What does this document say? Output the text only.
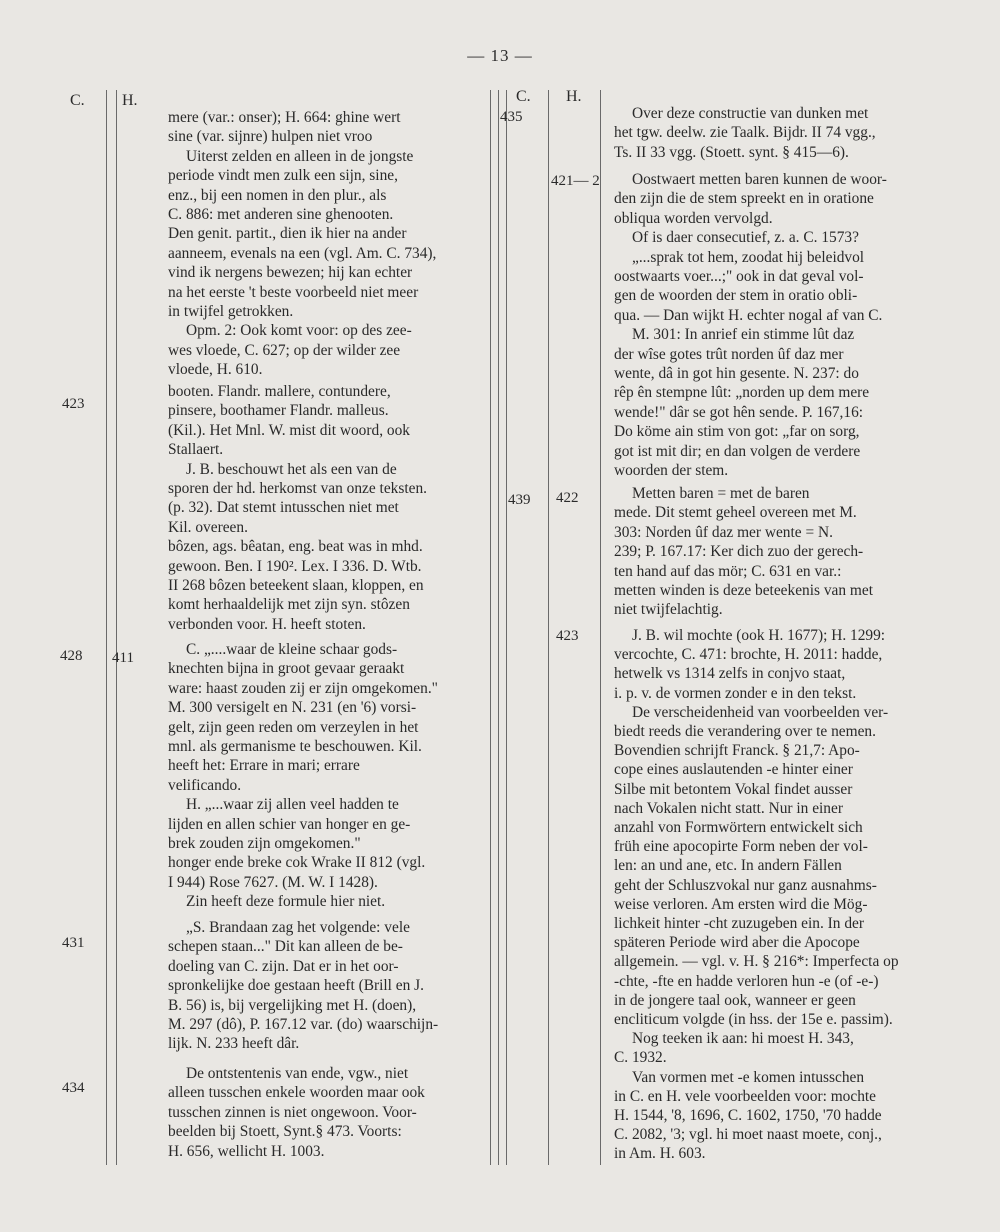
— 13 —
C. H.	C. H.
423
428 411
431
434
435
421— 2
439 422
423

mere (var.: onser); H. 664: ghine wert

sine (var. sijnre) hulpen niet vroo

Uiterst zelden en alleen in de jongste

periode vindt men zulk een sijn, sine,

enz., bij een nomen in den plur., als

C. 886: met anderen sine ghenooten.

Den genit. partit., dien ik hier na ander

aanneem, evenals na een (vgl. Am. C. 734),

vind ik nergens bewezen; hij kan echter

na het eerste 't beste voorbeeld niet meer

in twijfel getrokken.

Opm. 2: Ook komt voor: op des zee-

wes vloede, C. 627; op der wilder zee

vloede, H. 610.

booten. Flandr. mallere, contundere,

pinsere, boothamer Flandr. malleus.

(Kil.). Het Mnl. W. mist dit woord, ook

Stallaert.

J. B. beschouwt het als een van de

sporen der hd. herkomst van onze teksten.

(p. 32). Dat stemt intusschen niet met

Kil. overeen.

bôzen, ags. bêatan, eng. beat was in mhd.

gewoon. Ben. I 190². Lex. I 336. D. Wtb.

II 268 bôzen beteekent slaan, kloppen, en

komt herhaaldelijk met zijn syn. stôzen

verbonden voor. H. heeft stoten.

C. „....waar de kleine schaar gods-

knechten bijna in groot gevaar geraakt

ware: haast zouden zij er zijn omgekomen."

M. 300 versigelt en N. 231 (en '6) vorsi-

gelt, zijn geen reden om verzeylen in het

mnl. als germanisme te beschouwen. Kil.

heeft het: Errare in mari; errare

velificando.

H. „...waar zij allen veel hadden te

lijden en allen schier van honger en ge-

brek zouden zijn omgekomen."

honger ende breke cok Wrake II 812 (vgl.

I 944) Rose 7627. (M. W. I 1428).

Zin heeft deze formule hier niet.

„S. Brandaan zag het volgende: vele

schepen staan..." Dit kan alleen de be-

doeling van C. zijn. Dat er in het oor-

spronkelijke doe gestaan heeft (Brill en J.

B. 56) is, bij vergelijking met H. (doen),

M. 297 (dô), P. 167.12 var. (do) waarschijn-

lijk. N. 233 heeft dâr.

De ontstentenis van ende, vgw., niet

alleen tusschen enkele woorden maar ook

tusschen zinnen is niet ongewoon. Voor-

beelden bij Stoett, Synt.§ 473. Voorts:

H. 656, wellicht H. 1003.

Over deze constructie van dunken met

het tgw. deelw. zie Taalk. Bijdr. II 74 vgg.,

Ts. II 33 vgg. (Stoett. synt. § 415—6).

Oostwaert metten baren kunnen de woor-

den zijn die de stem spreekt en in oratione

obliqua worden vervolgd.

Of is daer consecutief, z. a. C. 1573?

„...sprak tot hem, zoodat hij beleidvol

oostwaarts voer...;" ook in dat geval vol-

gen de woorden der stem in oratio obli-

qua. — Dan wijkt H. echter nogal af van C.

M. 301: In anrief ein stimme lût daz

der wîse gotes trût norden ûf daz mer

wente, dâ in got hin gesente. N. 237: do

rêp ên stempne lût: „norden up dem mere

wende!" dâr se got hên sende. P. 167,16:

Do köme ain stim von got: „far on sorg,

got ist mit dir; en dan volgen de verdere

woorden der stem.

Metten baren = met de baren

mede. Dit stemt geheel overeen met M.

303: Norden ûf daz mer wente = N.

239; P. 167.17: Ker dich zuo der gerech-

ten hand auf das mör; C. 631 en var.:

metten winden is deze beteekenis van met

niet twijfelachtig.

J. B. wil mochte (ook H. 1677); H. 1299:

vercochte, C. 471: brochte, H. 2011: hadde,

hetwelk vs 1314 zelfs in conjvo staat,

i. p. v. de vormen zonder e in den tekst.

De verscheidenheid van voorbeelden ver-

biedt reeds die verandering over te nemen.

Bovendien schrijft Franck. § 21,7: Apo-

cope eines auslautenden -e hinter einer

Silbe mit betontem Vokal findet ausser

nach Vokalen nicht statt. Nur in einer

anzahl von Formwörtern entwickelt sich

früh eine apocopirte Form neben der vol-

len: an und ane, etc. In andern Fällen

geht der Schluszvokal nur ganz ausnahms-

weise verloren. Am ersten wird die Mög-

lichkeit hinter -cht zuzugeben ein. In der

späteren Periode wird aber die Apocope

allgemein. — vgl. v. H. § 216*: Imperfecta op

-chte, -fte en hadde verloren hun -e (of -e-)

in de jongere taal ook, wanneer er geen

encliticum volgde (in hss. der 15e e. passim).

Nog teeken ik aan: hi moest H. 343,

C. 1932.

Van vormen met -e komen intusschen

in C. en H. vele voorbeelden voor: mochte

H. 1544, '8, 1696, C. 1602, 1750, '70 hadde

C. 2082, '3; vgl. hi moet naast moete, conj.,

in Am. H. 603.
